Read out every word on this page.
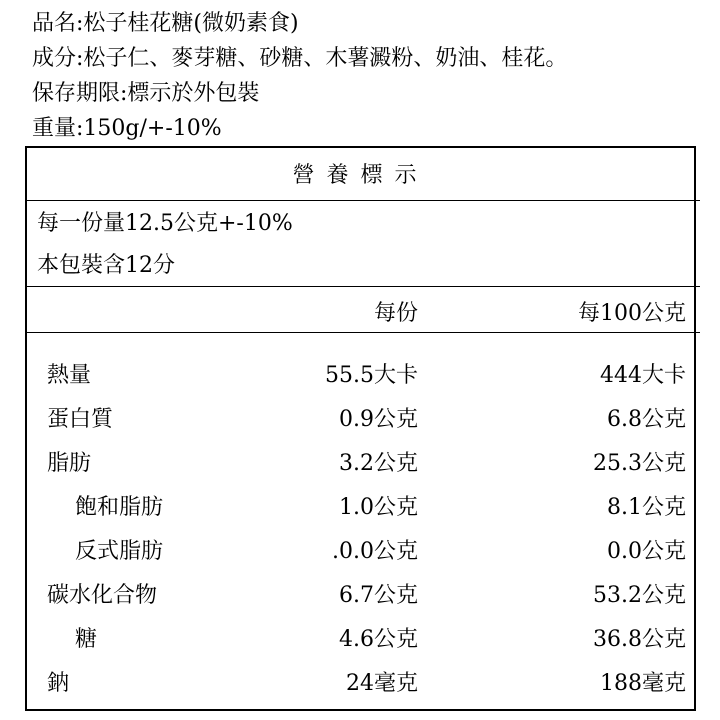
品名:松子桂花糖(微奶素食)
成分:松子仁、麥芽糖、砂糖、木薯澱粉、奶油、桂花。
保存期限:標示於外包裝
重量:150g/+-10%
營養標示
每一份量12.5公克+-10%
本包裝含12分
每份	每100公克
熱量	55.5大卡	444大卡
蛋白質	0.9公克	6.8公克
脂肪	3.2公克	25.3公克
飽和脂肪	1.0公克	8.1公克
反式脂肪	.0.0公克	0.0公克
碳水化合物	6.7公克	53.2公克
糖	4.6公克	36.8公克
鈉	24毫克	188毫克
